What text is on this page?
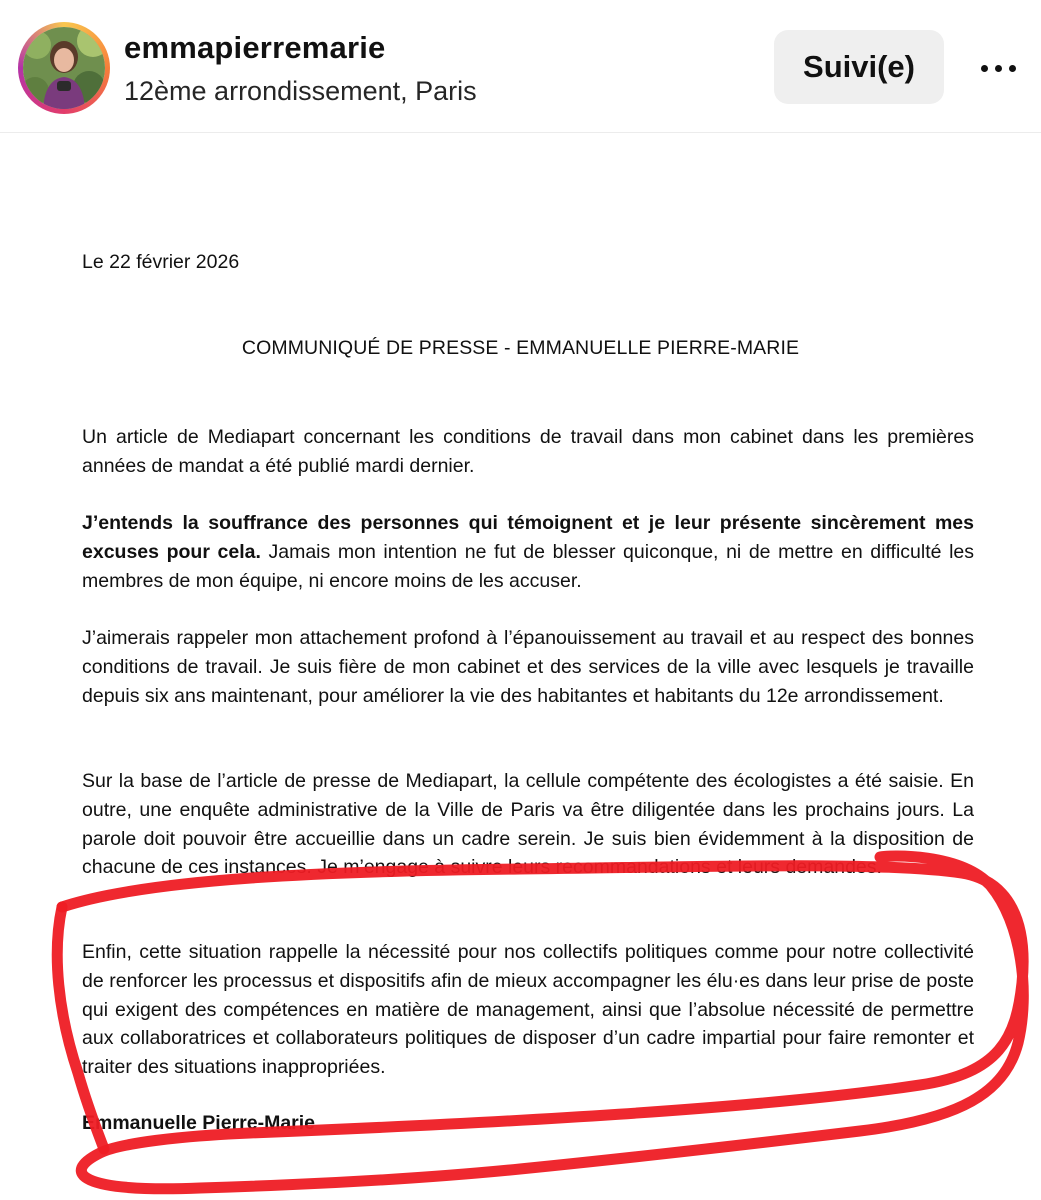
emmapierremarie
12ème arrondissement, Paris
Suivi(e)
Le 22 février 2026
COMMUNIQUÉ DE PRESSE - EMMANUELLE PIERRE-MARIE

Un article de Mediapart concernant les conditions de travail dans mon cabinet dans les premières années de mandat a été publié mardi dernier.

J’entends la souffrance des personnes qui témoignent et je leur présente sincèrement mes excuses pour cela. Jamais mon intention ne fut de blesser quiconque, ni de mettre en difficulté les membres de mon équipe, ni encore moins de les accuser.

J’aimerais rappeler mon attachement profond à l’épanouissement au travail et au respect des bonnes conditions de travail. Je suis fière de mon cabinet et des services de la ville avec lesquels je travaille depuis six ans maintenant, pour améliorer la vie des habitantes et habitants du 12e arrondissement.

Sur la base de l’article de presse de Mediapart, la cellule compétente des écologistes a été saisie. En outre, une enquête administrative de la Ville de Paris va être diligentée dans les prochains jours. La parole doit pouvoir être accueillie dans un cadre serein. Je suis bien évidemment à la disposition de chacune de ces instances. Je m’engage à suivre leurs recommandations et leurs demandes.

Enfin, cette situation rappelle la nécessité pour nos collectifs politiques comme pour notre collectivité de renforcer les processus et dispositifs afin de mieux accompagner les élu·es dans leur prise de poste qui exigent des compétences en matière de management, ainsi que l’absolue nécessité de permettre aux collaboratrices et collaborateurs politiques de disposer d’un cadre impartial pour faire remonter et traiter des situations inappropriées.

Emmanuelle Pierre-Marie
